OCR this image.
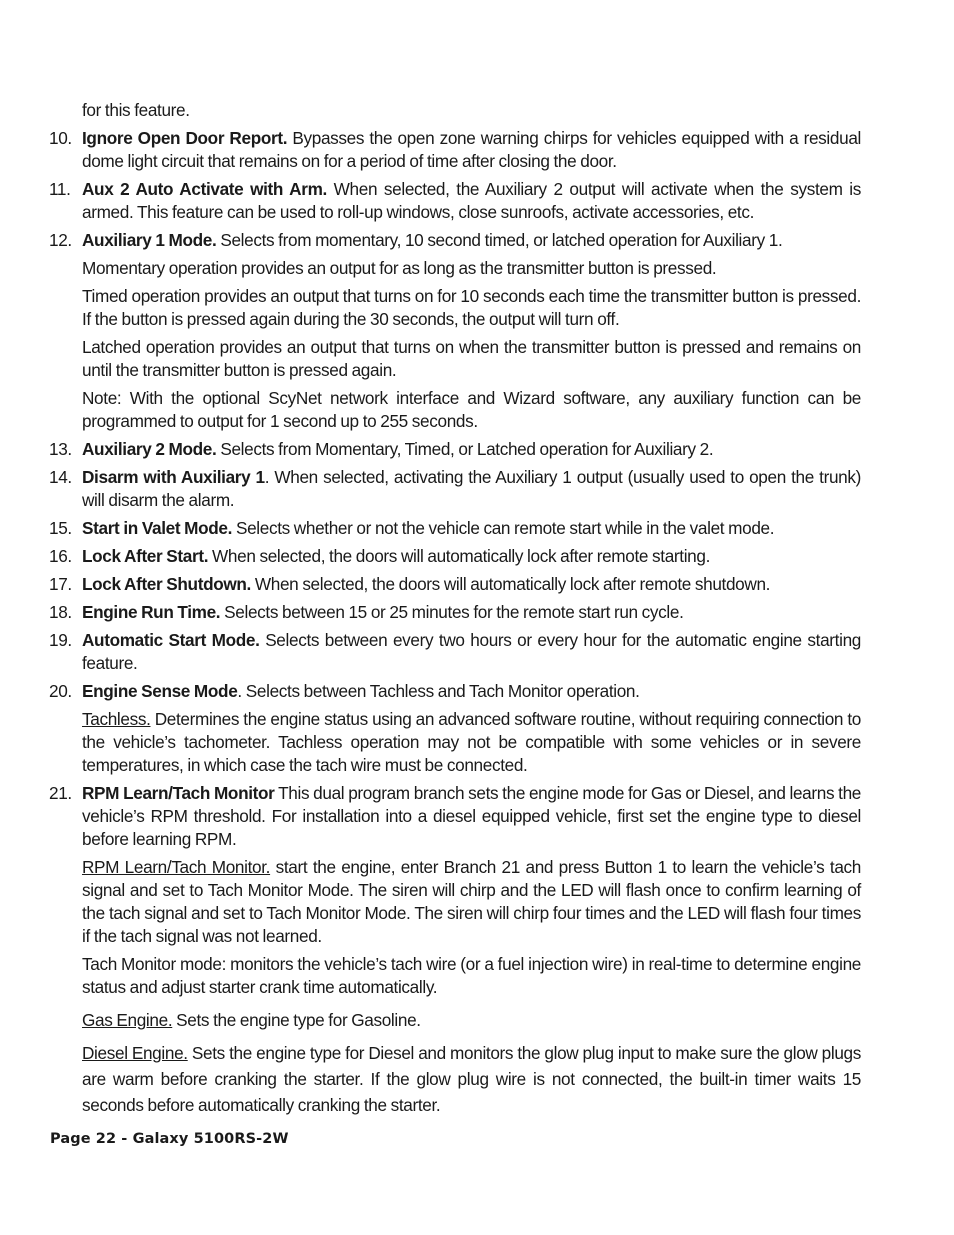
for this feature.

10. Ignore Open Door Report. Bypasses the open zone warning chirps for vehicles equipped with a residual dome light circuit that remains on for a period of time after closing the door.

11. Aux 2 Auto Activate with Arm. When selected, the Auxiliary 2 output will activate when the system is armed. This feature can be used to roll-up windows, close sunroofs, activate accessories, etc.

12. Auxiliary 1 Mode. Selects from momentary, 10 second timed, or latched operation for Auxiliary 1.

Momentary operation provides an output for as long as the transmitter button is pressed.

Timed operation provides an output that turns on for 10 seconds each time the transmitter button is pressed. If the button is pressed again during the 30 seconds, the output will turn off.

Latched operation provides an output that turns on when the transmitter button is pressed and remains on until the transmitter button is pressed again.

Note: With the optional ScyNet network interface and Wizard software, any auxiliary function can be programmed to output for 1 second up to 255 seconds.

13. Auxiliary 2 Mode. Selects from Momentary, Timed, or Latched operation for Auxiliary 2.

14. Disarm with Auxiliary 1. When selected, activating the Auxiliary 1 output (usually used to open the trunk) will disarm the alarm.

15. Start in Valet Mode. Selects whether or not the vehicle can remote start while in the valet mode.

16. Lock After Start. When selected, the doors will automatically lock after remote starting.

17. Lock After Shutdown. When selected, the doors will automatically lock after remote shutdown.

18. Engine Run Time. Selects between 15 or 25 minutes for the remote start run cycle.

19. Automatic Start Mode. Selects between every two hours or every hour for the automatic engine starting feature.

20. Engine Sense Mode. Selects between Tachless and Tach Monitor operation.

Tachless. Determines the engine status using an advanced software routine, without requiring connection to the vehicle’s tachometer. Tachless operation may not be compatible with some vehicles or in severe temperatures, in which case the tach wire must be connected.

21. RPM Learn/Tach Monitor This dual program branch sets the engine mode for Gas or Diesel, and learns the vehicle’s RPM threshold. For installation into a diesel equipped vehicle, first set the engine type to diesel before learning RPM.

RPM Learn/Tach Monitor. start the engine, enter Branch 21 and press Button 1 to learn the vehicle’s tach signal and set to Tach Monitor Mode. The siren will chirp and the LED will flash once to confirm learning of the tach signal and set to Tach Monitor Mode. The siren will chirp four times and the LED will flash four times if the tach signal was not learned.

Tach Monitor mode: monitors the vehicle’s tach wire (or a fuel injection wire) in real-time to determine engine status and adjust starter crank time automatically.

Gas Engine. Sets the engine type for Gasoline.

Diesel Engine. Sets the engine type for Diesel and monitors the glow plug input to make sure the glow plugs are warm before cranking the starter. If the glow plug wire is not connected, the built-in timer waits 15 seconds before automatically cranking the starter.

Page 22 - Galaxy 5100RS-2W
